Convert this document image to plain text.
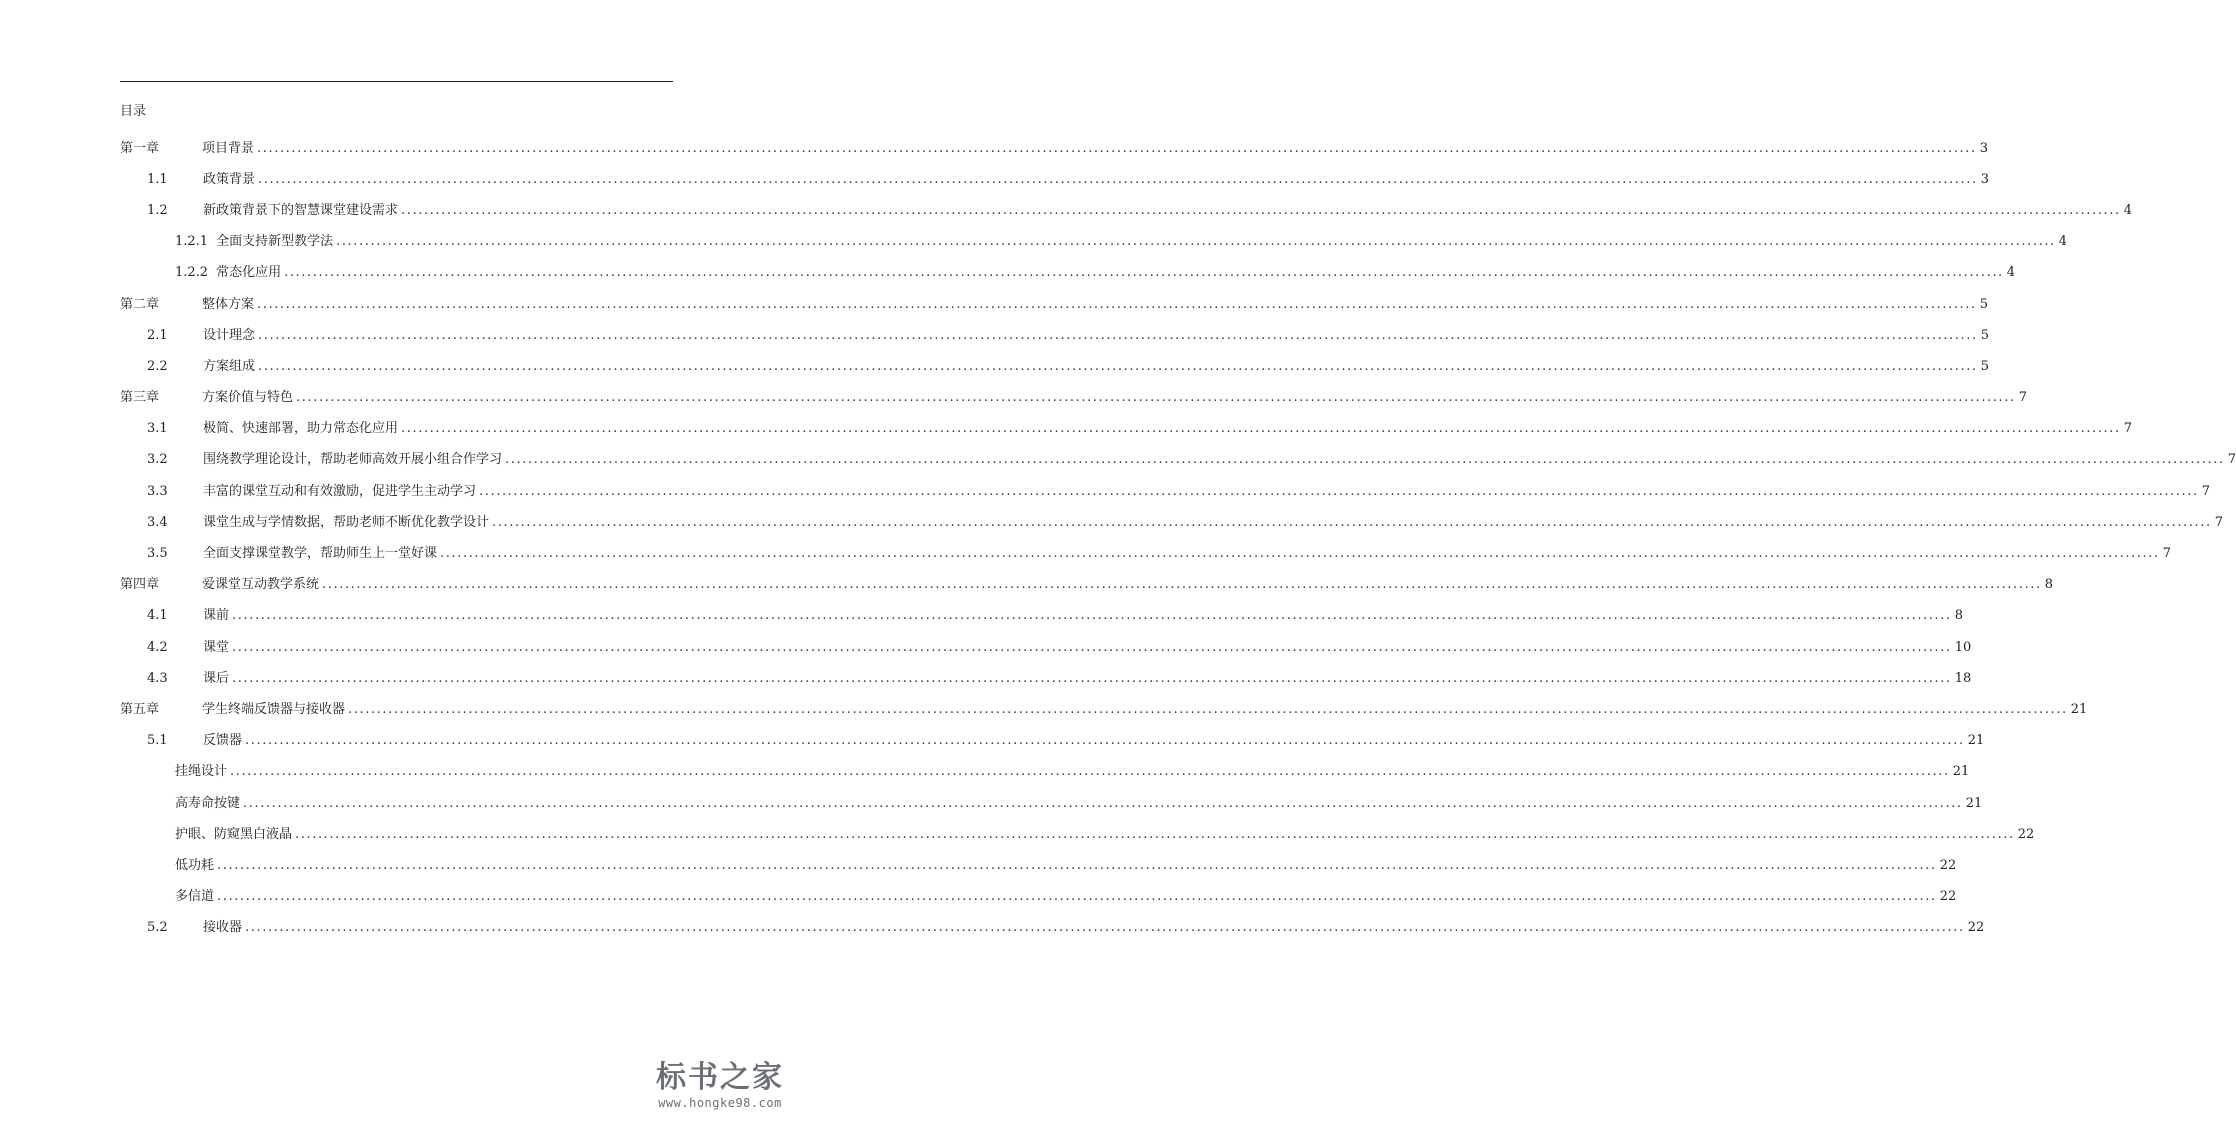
目录
第一章	项目背景 ............................................................................................................................................................................................................................................................................................................ 3
1.1	政策背景 ............................................................................................................................................................................................................................................................................................................ 3
1.2	新政策背景下的智慧课堂建设需求 ............................................................................................................................................................................................................................................................................................................ 4
1.2.1 全面支持新型教学法 ............................................................................................................................................................................................................................................................................................................ 4
1.2.2 常态化应用 ............................................................................................................................................................................................................................................................................................................ 4
第二章	整体方案 ............................................................................................................................................................................................................................................................................................................ 5
2.1	设计理念 ............................................................................................................................................................................................................................................................................................................ 5
2.2	方案组成 ............................................................................................................................................................................................................................................................................................................ 5
第三章	方案价值与特色 ............................................................................................................................................................................................................................................................................................................ 7
3.1	极简、快速部署，助力常态化应用 ............................................................................................................................................................................................................................................................................................................ 7
3.2	围绕教学理论设计，帮助老师高效开展小组合作学习 ............................................................................................................................................................................................................................................................................................................ 7
3.3	丰富的课堂互动和有效激励，促进学生主动学习 ............................................................................................................................................................................................................................................................................................................ 7
3.4	课堂生成与学情数据，帮助老师不断优化教学设计 ............................................................................................................................................................................................................................................................................................................ 7
3.5	全面支撑课堂教学，帮助师生上一堂好课 ............................................................................................................................................................................................................................................................................................................ 7
第四章	爱课堂互动教学系统 ............................................................................................................................................................................................................................................................................................................ 8
4.1	课前 ............................................................................................................................................................................................................................................................................................................ 8
4.2	课堂 ............................................................................................................................................................................................................................................................................................................ 10
4.3	课后 ............................................................................................................................................................................................................................................................................................................ 18
第五章	学生终端反馈器与接收器 ............................................................................................................................................................................................................................................................................................................ 21
5.1	反馈器 ............................................................................................................................................................................................................................................................................................................ 21
挂绳设计 ............................................................................................................................................................................................................................................................................................................ 21
高寿命按键 ............................................................................................................................................................................................................................................................................................................ 21
护眼、防窥黑白液晶 ............................................................................................................................................................................................................................................................................................................ 22
低功耗 ............................................................................................................................................................................................................................................................................................................ 22
多信道 ............................................................................................................................................................................................................................................................................................................ 22
5.2	接收器 ............................................................................................................................................................................................................................................................................................................ 22
标书之家
www.hongke98.com
